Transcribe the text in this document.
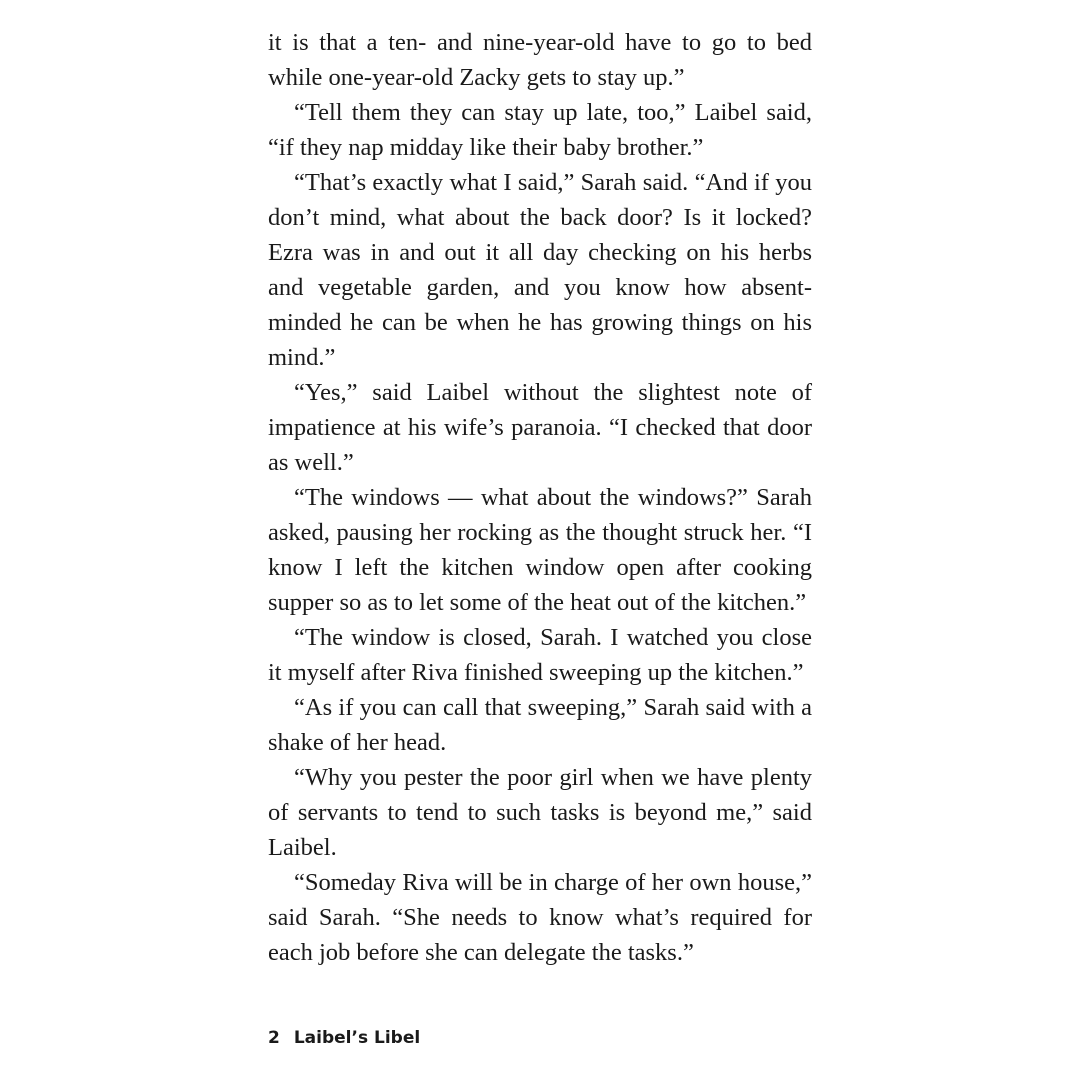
it is that a ten- and nine-year-old have to go to bed while one-year-old Zacky gets to stay up.”

“Tell them they can stay up late, too,” Laibel said, “if they nap midday like their baby brother.”

“That’s exactly what I said,” Sarah said. “And if you don’t mind, what about the back door? Is it locked? Ezra was in and out it all day checking on his herbs and vegetable garden, and you know how absent-minded he can be when he has growing things on his mind.”

“Yes,” said Laibel without the slightest note of impatience at his wife’s paranoia. “I checked that door as well.”

“The windows — what about the windows?” Sarah asked, pausing her rocking as the thought struck her. “I know I left the kitchen window open after cooking supper so as to let some of the heat out of the kitchen.”

“The window is closed, Sarah. I watched you close it myself after Riva finished sweeping up the kitchen.”

“As if you can call that sweeping,” Sarah said with a shake of her head.

“Why you pester the poor girl when we have plenty of servants to tend to such tasks is beyond me,” said Laibel.

“Someday Riva will be in charge of her own house,” said Sarah. “She needs to know what’s required for each job before she can delegate the tasks.”

2 Laibel’s Libel
